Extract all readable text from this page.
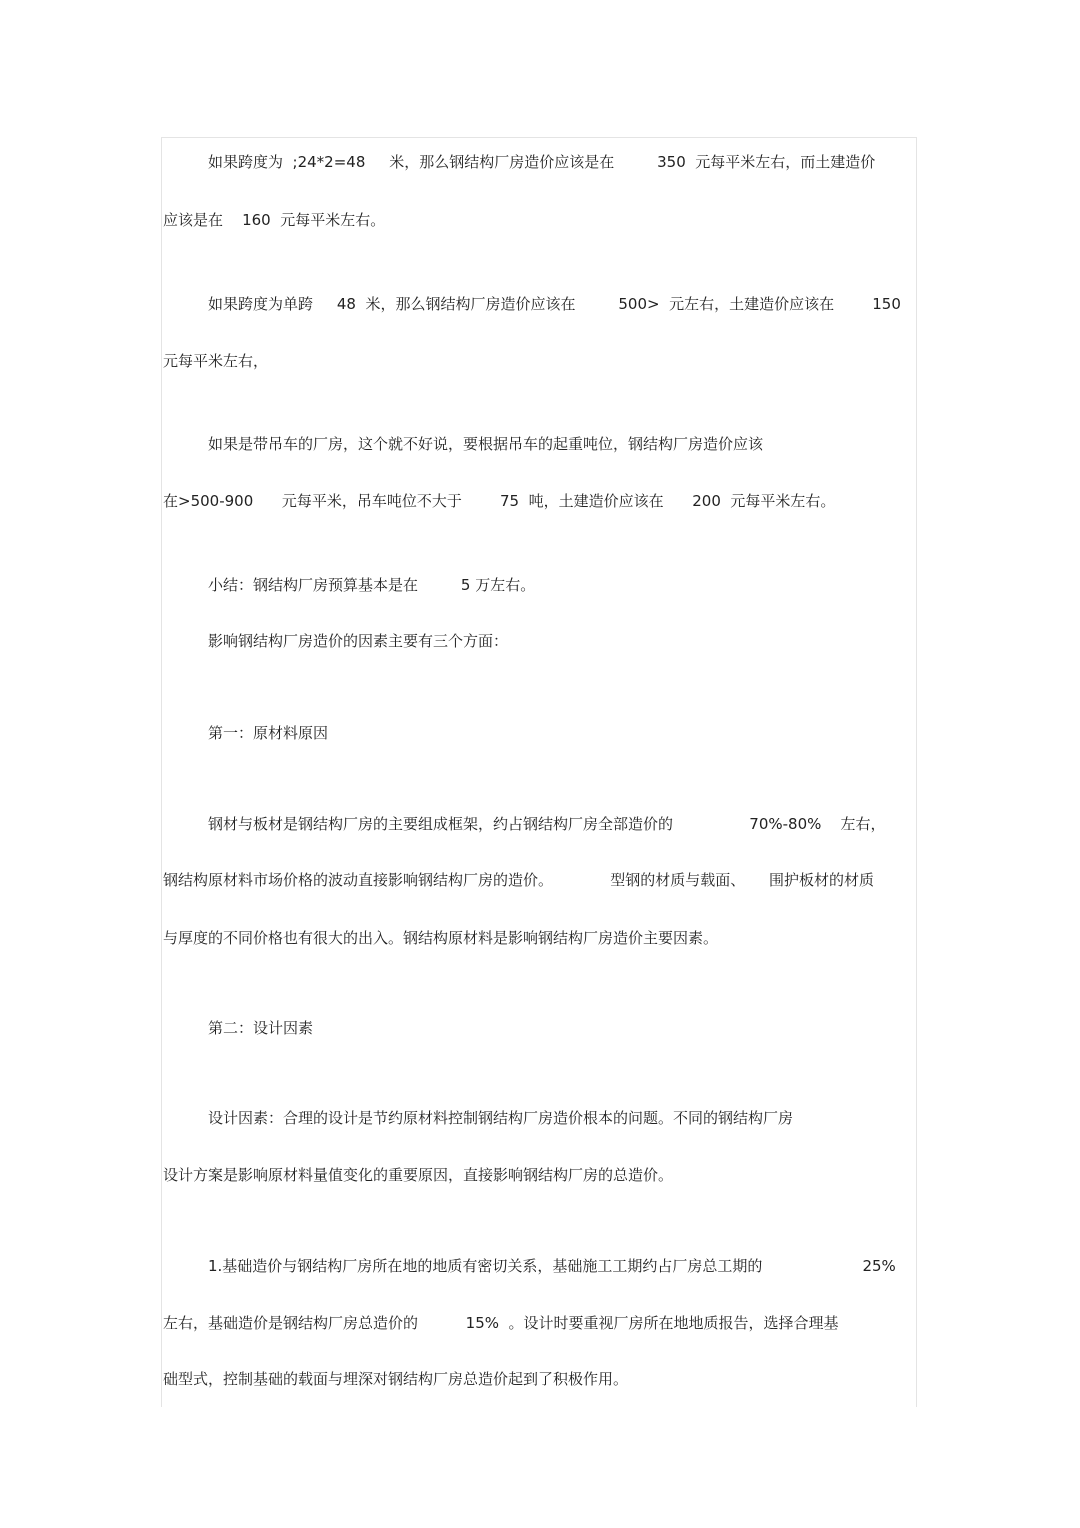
如果跨度为  ;24*2=48     米，那么钢结构厂房造价应该是在         350  元每平米左右，而土建造价
应该是在    160  元每平米左右。
如果跨度为单跨     48  米，那么钢结构厂房造价应该在         500>  元左右，土建造价应该在        150
元每平米左右，
如果是带吊车的厂房，这个就不好说，要根据吊车的起重吨位，钢结构厂房造价应该
在>500-900      元每平米，吊车吨位不大于        75  吨，土建造价应该在      200  元每平米左右。
小结：钢结构厂房预算基本是在         5 万左右。
影响钢结构厂房造价的因素主要有三个方面：
第一：原材料原因
钢材与板材是钢结构厂房的主要组成框架，约占钢结构厂房全部造价的                70%-80%    左右，
钢结构原材料市场价格的波动直接影响钢结构厂房的造价。            型钢的材质与载面、     围护板材的材质
与厚度的不同价格也有很大的出入。钢结构原材料是影响钢结构厂房造价主要因素。
第二：设计因素
设计因素：合理的设计是节约原材料控制钢结构厂房造价根本的问题。不同的钢结构厂房
设计方案是影响原材料量值变化的重要原因，直接影响钢结构厂房的总造价。
1.基础造价与钢结构厂房所在地的地质有密切关系，基础施工工期约占厂房总工期的                     25%
左右，基础造价是钢结构厂房总造价的          15%  。设计时要重视厂房所在地地质报告，选择合理基
础型式，控制基础的载面与埋深对钢结构厂房总造价起到了积极作用。
